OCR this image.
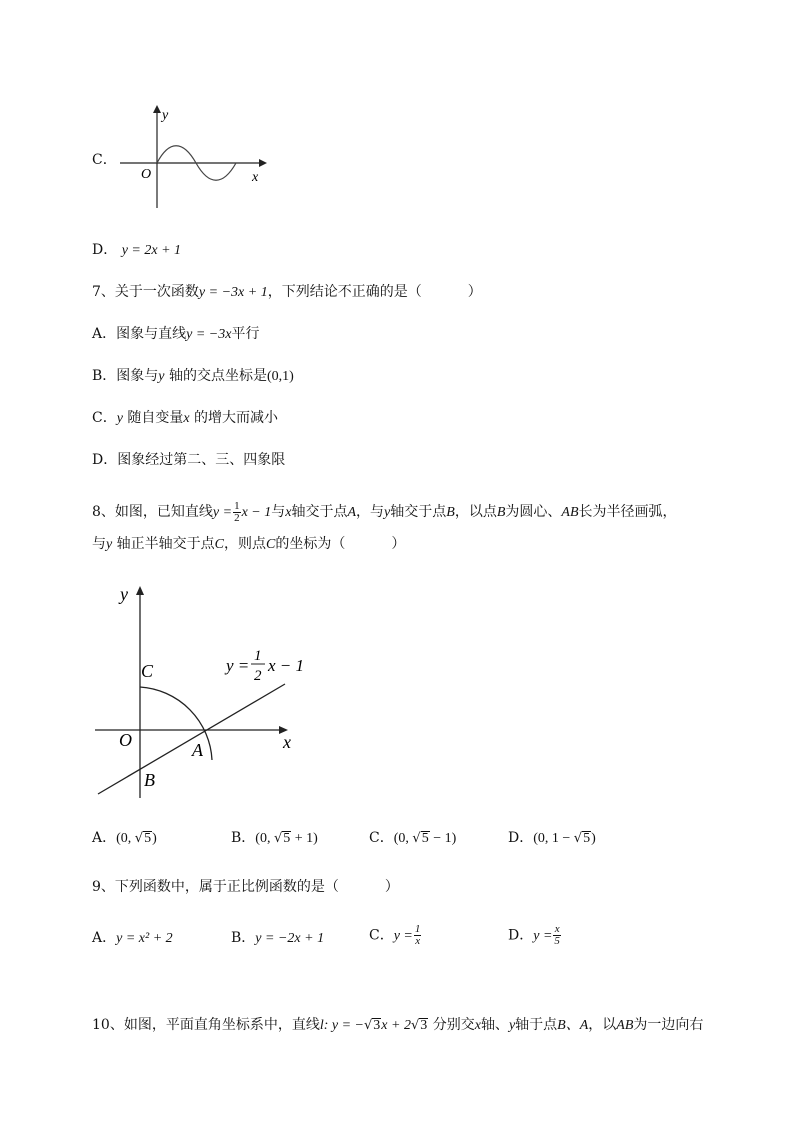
C．
y
x
O
D． y = 2x + 1
7、关于一次函数y = −3x + 1，下列结论不正确的是（	）
A．图象与直线y = −3x平行
B．图象与y 轴的交点坐标是(0,1)
C．y 随自变量x 的增大而减小
D．图象经过第二、三、四象限
8、如图，已知直线$y = \frac{1}{2}$ x − 1与x轴交于点A，与y轴交于点B，以点B为圆心、AB长为半径画弧，
与y 轴正半轴交于点C，则点C的坐标为（	）
y
x
O
C
A
B
y = 1
2
x − 1
A．(0, √5)	B．(0, √5 + 1)	C．(0, √5 − 1)	D．(0, 1 − √5)
9、下列函数中，属于正比例函数的是（	）
A．y = x² + 2	B．y = −2x + 1	C．$y = \frac{1}{x}$	D．$y = \frac{x}{5}$
10、如图，平面直角坐标系中，直线l: y = −√3x + 2√3 分别交x轴、y轴于点B、A，以AB为一边向右
